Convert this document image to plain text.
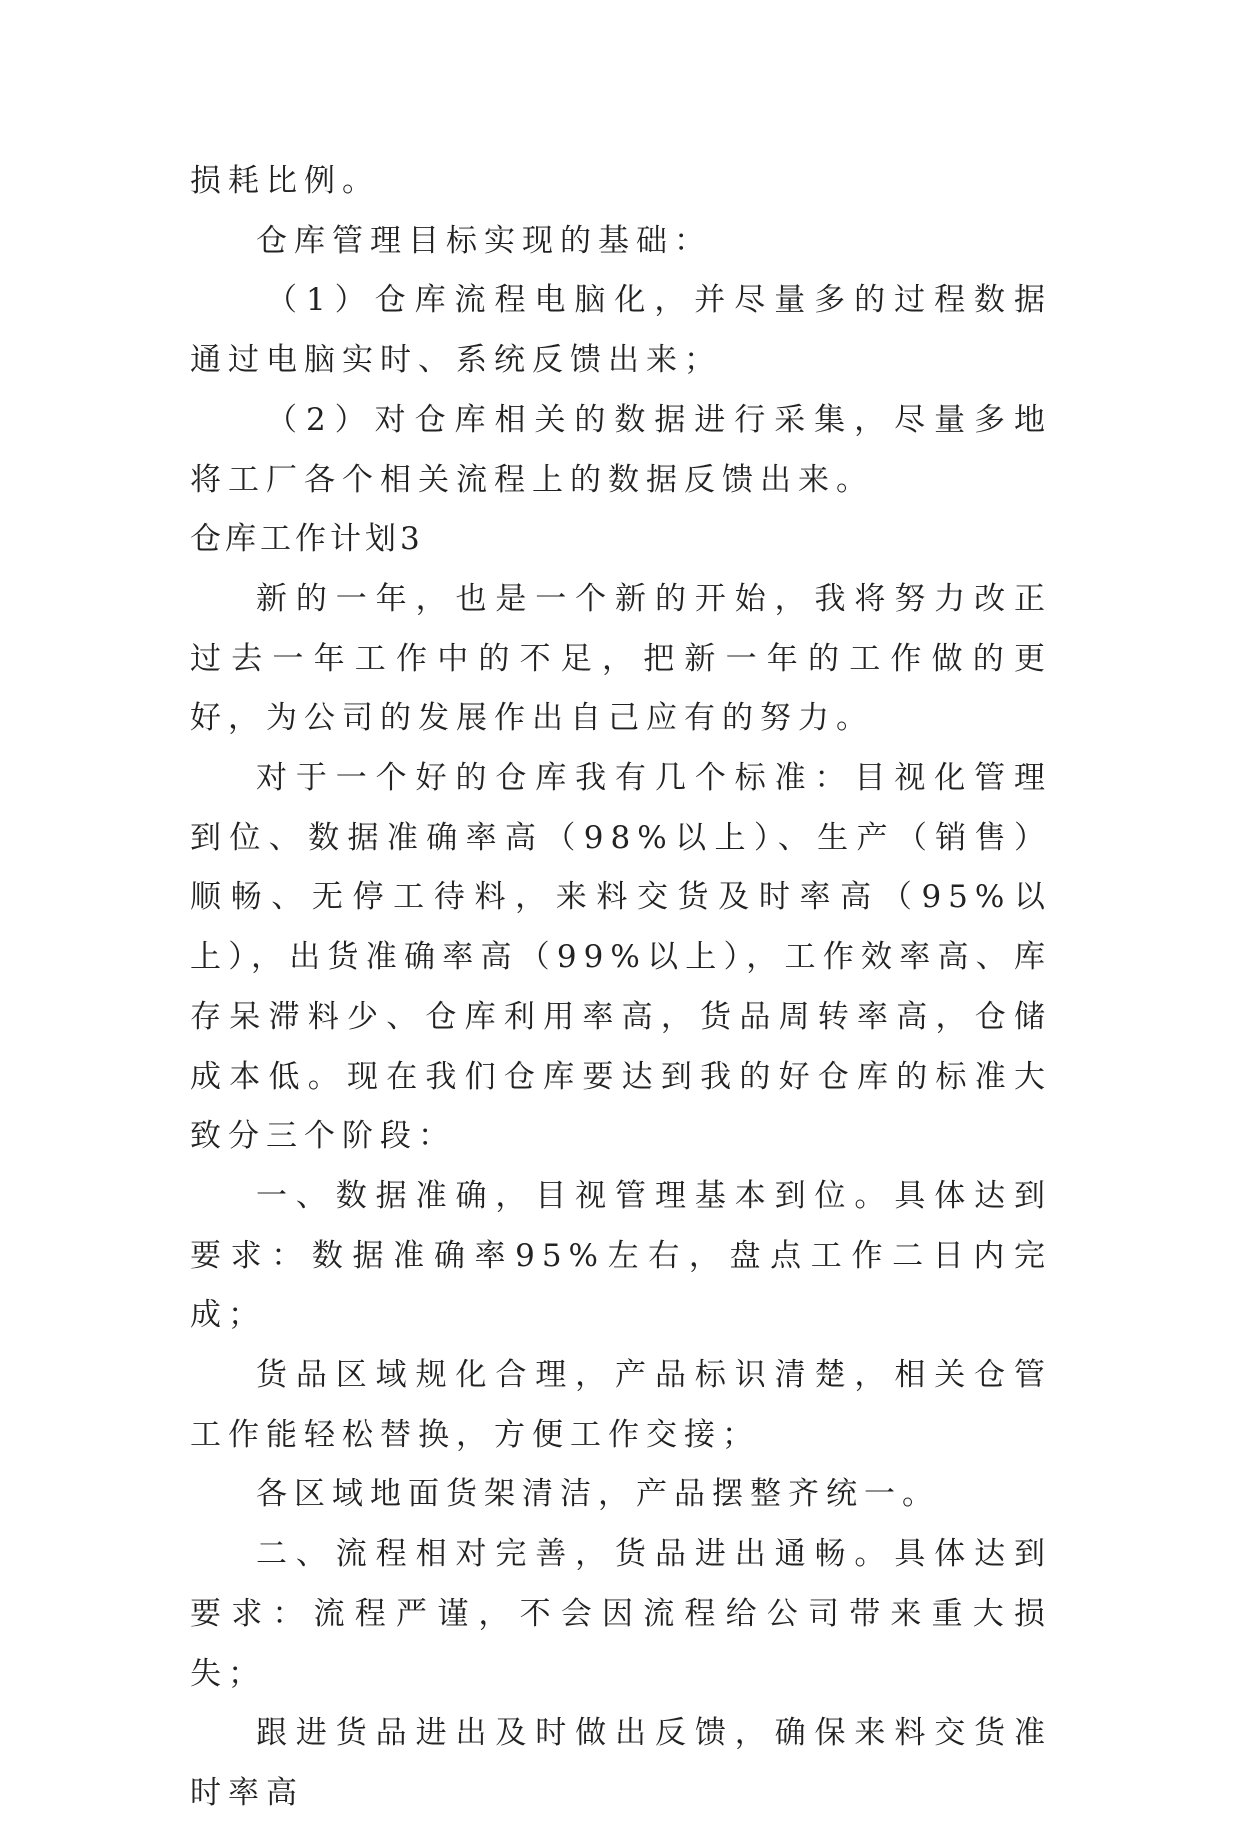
损耗比例。

仓库管理目标实现的基础：

（1）仓库流程电脑化，并尽量多的过程数据通过电脑实时、系统反馈出来；

（2）对仓库相关的数据进行采集，尽量多地将工厂各个相关流程上的数据反馈出来。

仓库工作计划3

新的一年，也是一个新的开始，我将努力改正过去一年工作中的不足，把新一年的工作做的更好，为公司的发展作出自己应有的努力。

对于一个好的仓库我有几个标准：目视化管理到位、数据准确率高（98%以上）、生产（销售）顺畅、无停工待料，来料交货及时率高（95%以上），出货准确率高（99%以上），工作效率高、库存呆滞料少、仓库利用率高，货品周转率高，仓储成本低。现在我们仓库要达到我的好仓库的标准大致分三个阶段：

一、数据准确，目视管理基本到位。具体达到要求：数据准确率95%左右，盘点工作二日内完成；

货品区域规化合理，产品标识清楚，相关仓管工作能轻松替换，方便工作交接；

各区域地面货架清洁，产品摆整齐统一。

二、流程相对完善，货品进出通畅。具体达到要求：流程严谨，不会因流程给公司带来重大损失；

跟进货品进出及时做出反馈，确保来料交货准时率高
